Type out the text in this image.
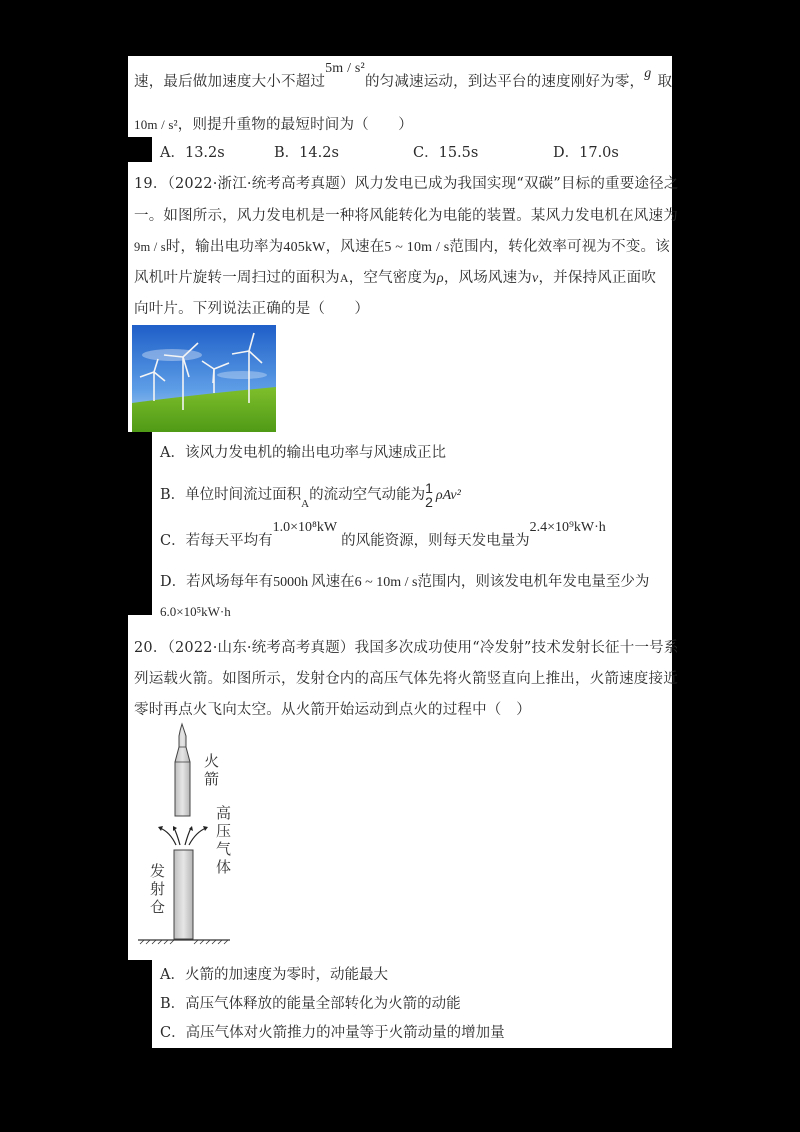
速，最后做加速度大小不超过5m / s²的匀减速运动，到达平台的速度刚好为零，g取
10m / s²，则提升重物的最短时间为（　　）
A．13.2s	B．14.2s	C．15.5s	D．17.0s
19．（2022·浙江·统考高考真题）风力发电已成为我国实现“双碳”目标的重要途径之
一。如图所示，风力发电机是一种将风能转化为电能的装置。某风力发电机在风速为
9m / s时，输出电功率为405kW，风速在5 ~ 10m / s范围内，转化效率可视为不变。该
风机叶片旋转一周扫过的面积为A，空气密度为ρ，风场风速为v，并保持风正面吹
向叶片。下列说法正确的是（　　）
A．该风力发电机的输出电功率与风速成正比
B．单位时间流过面积$_A$的流动空气动能为 1
2 ρAv²
C．若每天平均有1.0×10⁸kW的风能资源，则每天发电量为2.4×10⁹kW·h
D．若风场每年有5000h 风速在6 ~ 10m / s范围内，则该发电机年发电量至少为
6.0×10⁵kW·h
20．（2022·山东·统考高考真题）我国多次成功使用“冷发射”技术发射长征十一号系
列运载火箭。如图所示，发射仓内的高压气体先将火箭竖直向上推出，火箭速度接近
零时再点火飞向太空。从火箭开始运动到点火的过程中（　）
火
箭
高
压
气
体
发
射
仓
A．火箭的加速度为零时，动能最大
B．高压气体释放的能量全部转化为火箭的动能
C．高压气体对火箭推力的冲量等于火箭动量的增加量
